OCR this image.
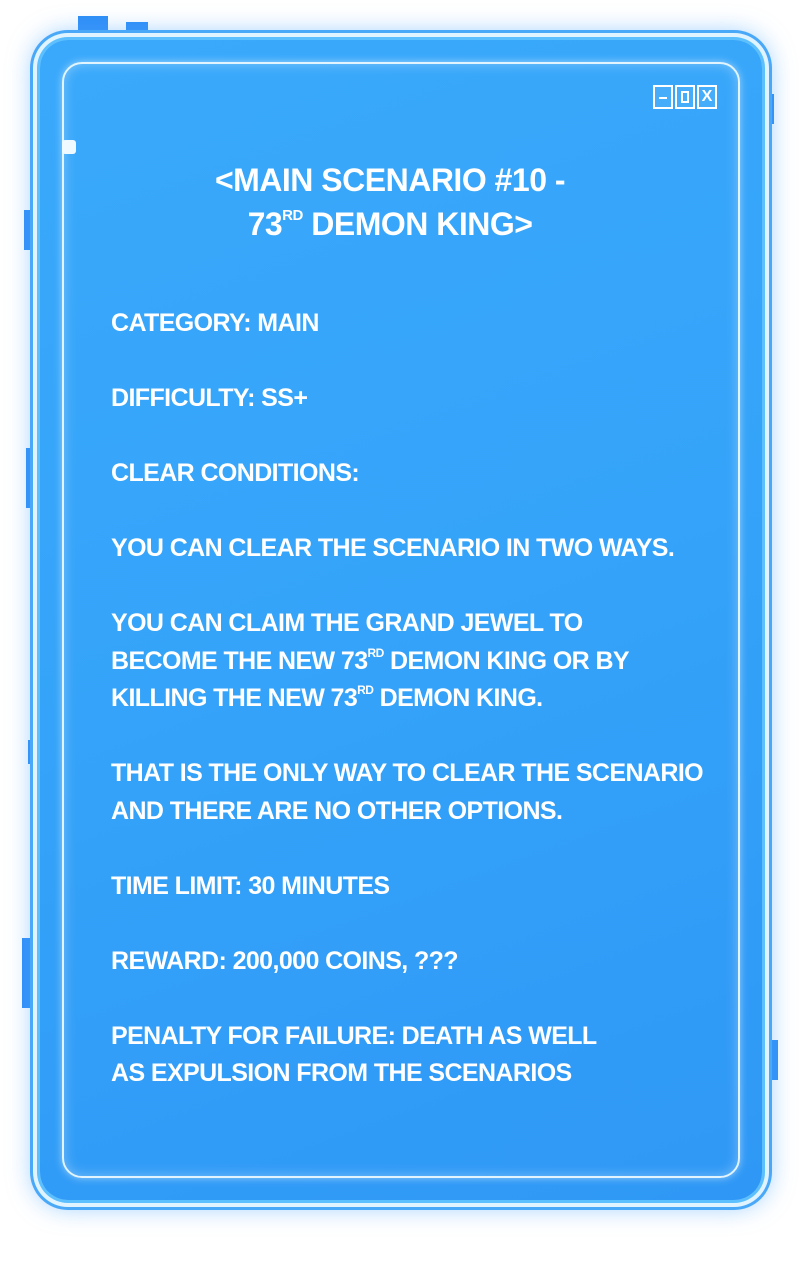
X
<MAIN SCENARIO #10 -
73RD DEMON KING>

CATEGORY: MAIN

DIFFICULTY: SS+

CLEAR CONDITIONS:

YOU CAN CLEAR THE SCENARIO IN TWO WAYS.

YOU CAN CLAIM THE GRAND JEWEL TO
BECOME THE NEW 73RD DEMON KING OR BY
KILLING THE NEW 73RD DEMON KING.

THAT IS THE ONLY WAY TO CLEAR THE SCENARIO
AND THERE ARE NO OTHER OPTIONS.

TIME LIMIT: 30 MINUTES

REWARD: 200,000 COINS, ???

PENALTY FOR FAILURE: DEATH AS WELL
AS EXPULSION FROM THE SCENARIOS
